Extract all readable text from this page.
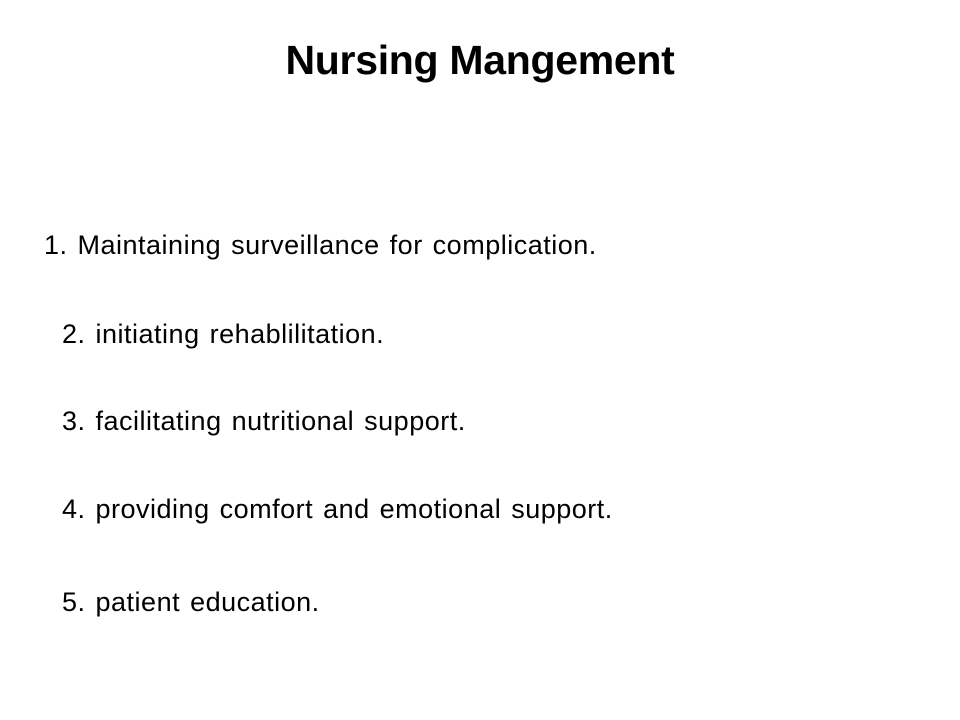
Nursing Mangement
1. Maintaining surveillance for complication.
2. initiating rehablilitation.
3. facilitating nutritional support.
4. providing comfort and emotional support.
5. patient education.
